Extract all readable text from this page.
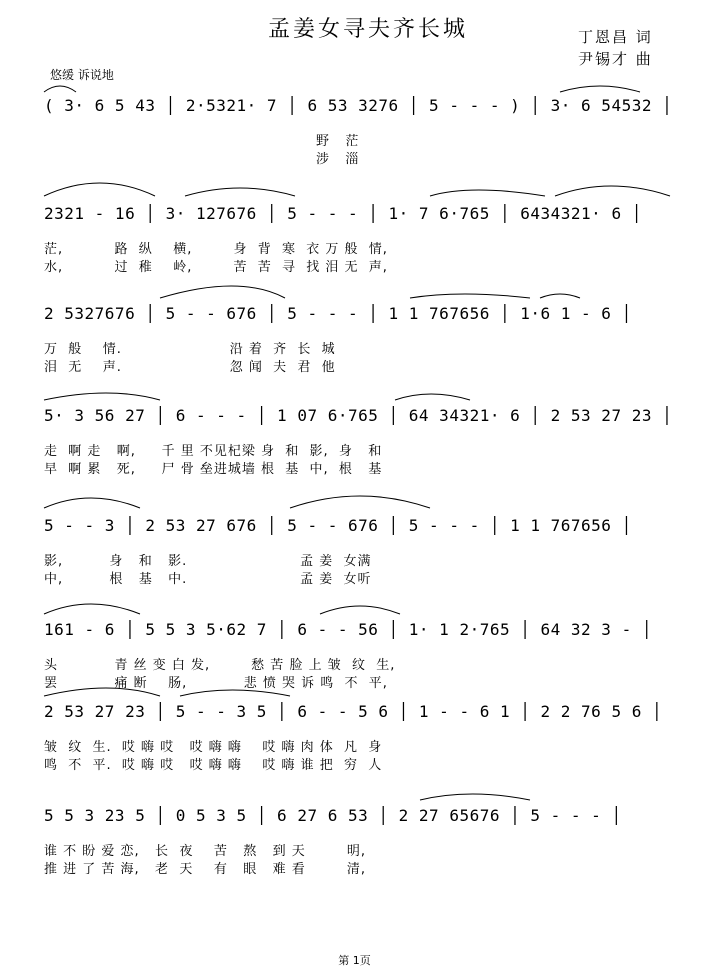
孟姜女寻夫齐长城	丁恩昌 词
尹锡才 曲
悠缓 诉说地
( 3· 6 5 43 │ 2·5321· 7 │ 6 53 3276 │ 5 - - - ) │ 3· 6 54532 │
野   茫
涉   淄
2321 - 16 │ 3· 127676 │ 5 - - - │ 1· 7 6·765 │ 6434321· 6 │
茫,          路  纵    横,        身  背  寒  衣 万 般  情,
水,          过  稚    岭,        苦  苦  寻  找 泪 无  声,
2 5327676 │ 5 - - 676 │ 5 - - - │ 1 1 767656 │ 1·6 1 - 6 │
万  般    情.                     沿 着  齐  长  城
泪  无    声.                     忽 闻  夫  君  他
5· 3 56 27 │ 6 - - - │ 1 07 6·765 │ 64 34321· 6 │ 2 53 27 23 │
走  啊 走   啊,     千 里 不见杞梁 身  和  影,  身   和
早  啊 累   死,     尸 骨 垒进城墙 根  基  中,  根   基
5 - - 3 │ 2 53 27 676 │ 5 - - 676 │ 5 - - - │ 1 1 767656 │
影,         身   和   影.                      孟 姜  女满
中,         根   基   中.                      孟 姜  女听
161 - 6 │ 5 5 3 5·62 7 │ 6 - - 56 │ 1· 1 2·765 │ 64 32 3 - │
头           青 丝 变 白 发,        愁 苦 脸 上 皱  纹  生,
罢           痛 断    肠,           悲 愤 哭 诉 鸣  不  平,
2 53 27 23 │ 5 - - 3 5 │ 6 - - 5 6 │ 1 - - 6 1 │ 2 2 76 5 6 │
皱  纹  生.  哎 嗨 哎   哎 嗨 嗨    哎 嗨 肉 体  凡  身
鸣  不  平.  哎 嗨 哎   哎 嗨 嗨    哎 嗨 谁 把  穷  人
5 5 3 23 5 │ 0 5 3 5 │ 6 27 6 53 │ 2 27 65676 │ 5 - - - │
谁 不 盼 爱 恋,   长  夜    苦   熬   到 天        明,
推 进 了 苦 海,   老  天    有   眼   难 看        清,
第 1页
